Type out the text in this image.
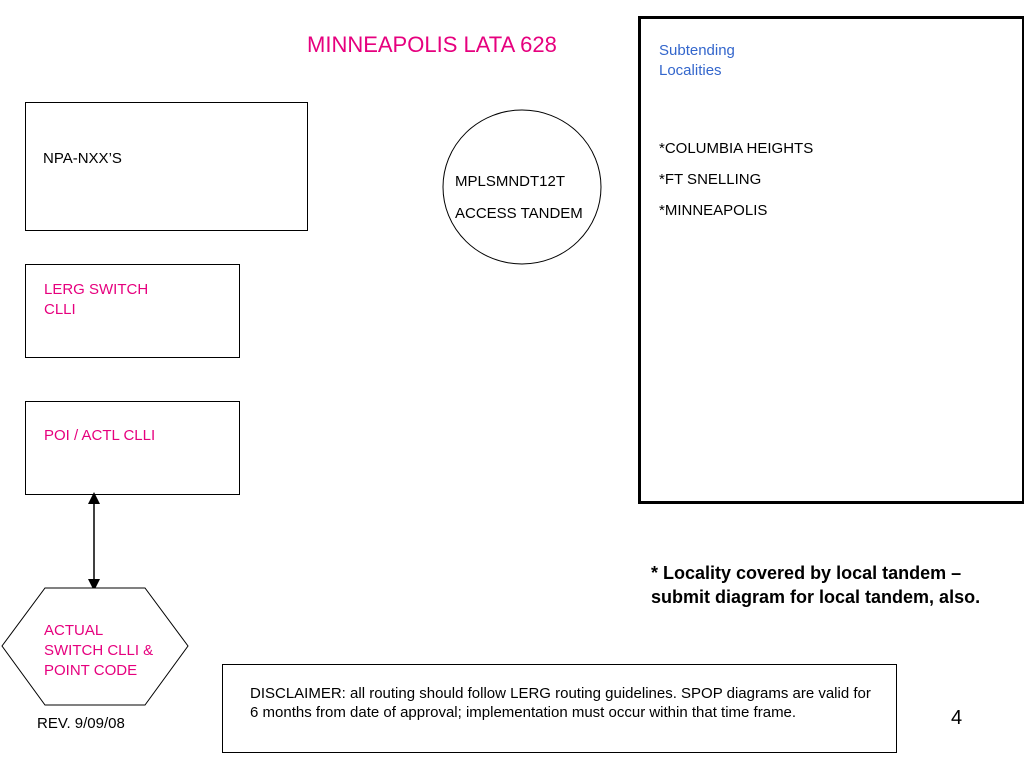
MINNEAPOLIS LATA 628
NPA-NXX’S
LERG SWITCH
CLLI
POI / ACTL CLLI
ACTUAL
SWITCH CLLI &
POINT CODE
MPLSMNDT12T
ACCESS TANDEM
Subtending
Localities
*COLUMBIA HEIGHTS
*FT SNELLING
*MINNEAPOLIS
* Locality covered by local tandem – submit diagram for local tandem, also.
DISCLAIMER: all routing should follow LERG routing guidelines. SPOP diagrams are valid for 6 months from date of approval; implementation must occur within that time frame.
REV. 9/09/08	4
